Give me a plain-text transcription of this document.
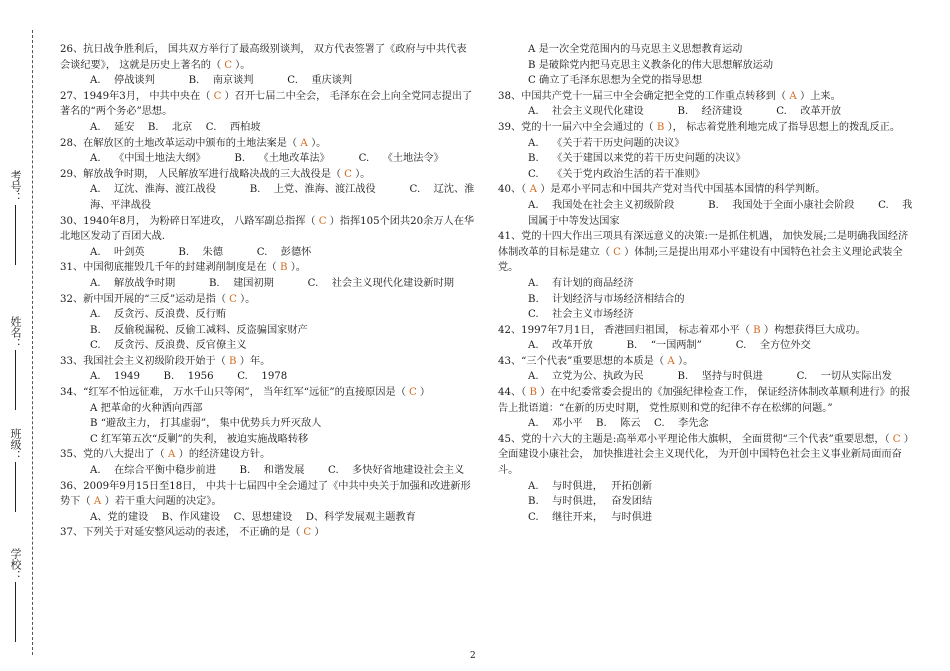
考号：
姓名：
班级：
学校：

26、抗日战争胜利后， 国共双方举行了最高级别谈判， 双方代表签署了《政府与中共代表会谈纪要》， 这就是历史上著名的（ C ）。

A.　 停战谈判　　　 B.　 南京谈判　　　 C.　 重庆谈判

27、1949年3月， 中共中央在（ C ）召开七届二中全会， 毛泽东在会上向全党同志提出了著名的“两个务必”思想。

A.　 延安　 B.　 北京　 C.　 西柏坡

28、在解放区的土地改革运动中颁布的土地法案是（ A ）。

A.　 《中国土地法大纲》　　　 B.　 《土地改革法》　　　 C.　 《土地法令》

29、解放战争时期， 人民解放军进行战略决战的三大战役是（ C ）。

A.　 辽沈、淮海、渡江战役　　　 B.　 上党、淮海、渡江战役　　　 C.　 辽沈、淮海、平津战役

30、1940年8月， 为粉碎日军进攻， 八路军副总指挥（ C ）指挥105个团共20余万人在华北地区发动了百团大战.

A.　 叶剑英　　　 B.　 朱德　　　 C.　 彭德怀

31、中国彻底摧毁几千年的封建剥削制度是在（ B ）。

A.　 解放战争时期　　　 B.　 建国初期　　　 C.　 社会主义现代化建设新时期

32、新中国开展的“三反”运动是指（ C ）。

A.　 反贪污、反浪费、反行贿

B.　 反偷税漏税、反偷工减料、反盗骗国家财产

C.　 反贪污、反浪费、反官僚主义

33、我国社会主义初级阶段开始于（ B ）年。

A.　 1949　　 B.　 1956　　 C.　 1978

34、“红军不怕远征难， 万水千山只等闲”， 当年红军“远征”的直接原因是（ C ）

A 把革命的火种洒向西部

B “避敌主力， 打其虚弱”， 集中优势兵力歼灭敌人

C 红军第五次“反剿”的失利， 被迫实施战略转移

35、党的八大提出了（ A ）的经济建设方针。

A.　 在综合平衡中稳步前进　　 B.　 和谐发展　　 C.　 多快好省地建设社会主义

36、2009年9月15日至18日， 中共十七届四中全会通过了《中共中央关于加强和改进新形势下（ A ）若干重大问题的决定》。

A、党的建设　 B、作风建设　 C、思想建设　 D、科学发展观主题教育

37、下列关于对延安整风运动的表述， 不正确的是（ C ）

A 是一次全党范围内的马克思主义思想教育运动

B 是破除党内把马克思主义教条化的伟大思想解放运动

C 确立了毛泽东思想为全党的指导思想

38、中国共产党十一届三中全会确定把全党的工作重点转移到（ A ）上来。

A.　 社会主义现代化建设　　　 B.　 经济建设　　　 C.　 改革开放

39、党的十一届六中全会通过的（ B ）， 标志着党胜利地完成了指导思想上的拨乱反正。

A.　 《关于若干历史问题的决议》

B.　 《关于建国以来党的若干历史问题的决议》

C.　 《关于党内政治生活的若干准则》

40、（ A ）是邓小平同志和中国共产党对当代中国基本国情的科学判断。

A.　 我国处在社会主义初级阶段　　　 B.　 我国处于全面小康社会阶段　　 C.　 我国属于中等发达国家

41、党的十四大作出三项具有深远意义的决策:一是抓住机遇， 加快发展;二是明确我国经济体制改革的目标是建立（ C ）体制;三是提出用邓小平建设有中国特色社会主义理论武装全党。

A.　 有计划的商品经济

B.　 计划经济与市场经济相结合的

C.　 社会主义市场经济

42、1997年7月1日， 香港回归祖国， 标志着邓小平（ B ）构想获得巨大成功。

A.　 改革开放　　　 B.　 “一国两制”　　　 C.　 全方位外交

43、“三个代表”重要思想的本质是（ A ）。

A.　 立党为公、执政为民　　　 B.　 坚持与时俱进　　　 C.　 一切从实际出发

44、（ B ）在中纪委常委会提出的《加强纪律检查工作， 保证经济体制改革顺利进行》的报告上批语道：“在新的历史时期， 党性原则和党的纪律不存在松绑的问题。”

A.　 邓小平　 B.　 陈云　 C.　 李先念

45、党的十六大的主题是:高举邓小平理论伟大旗帜， 全面贯彻“三个代表”重要思想，（ C ）全面建设小康社会， 加快推进社会主义现代化， 为开创中国特色社会主义事业新局面而奋斗。

A.　 与时俱进，　 开拓创新

B.　 与时俱进，　 奋发团结

C.　 继往开来，　 与时俱进

2
